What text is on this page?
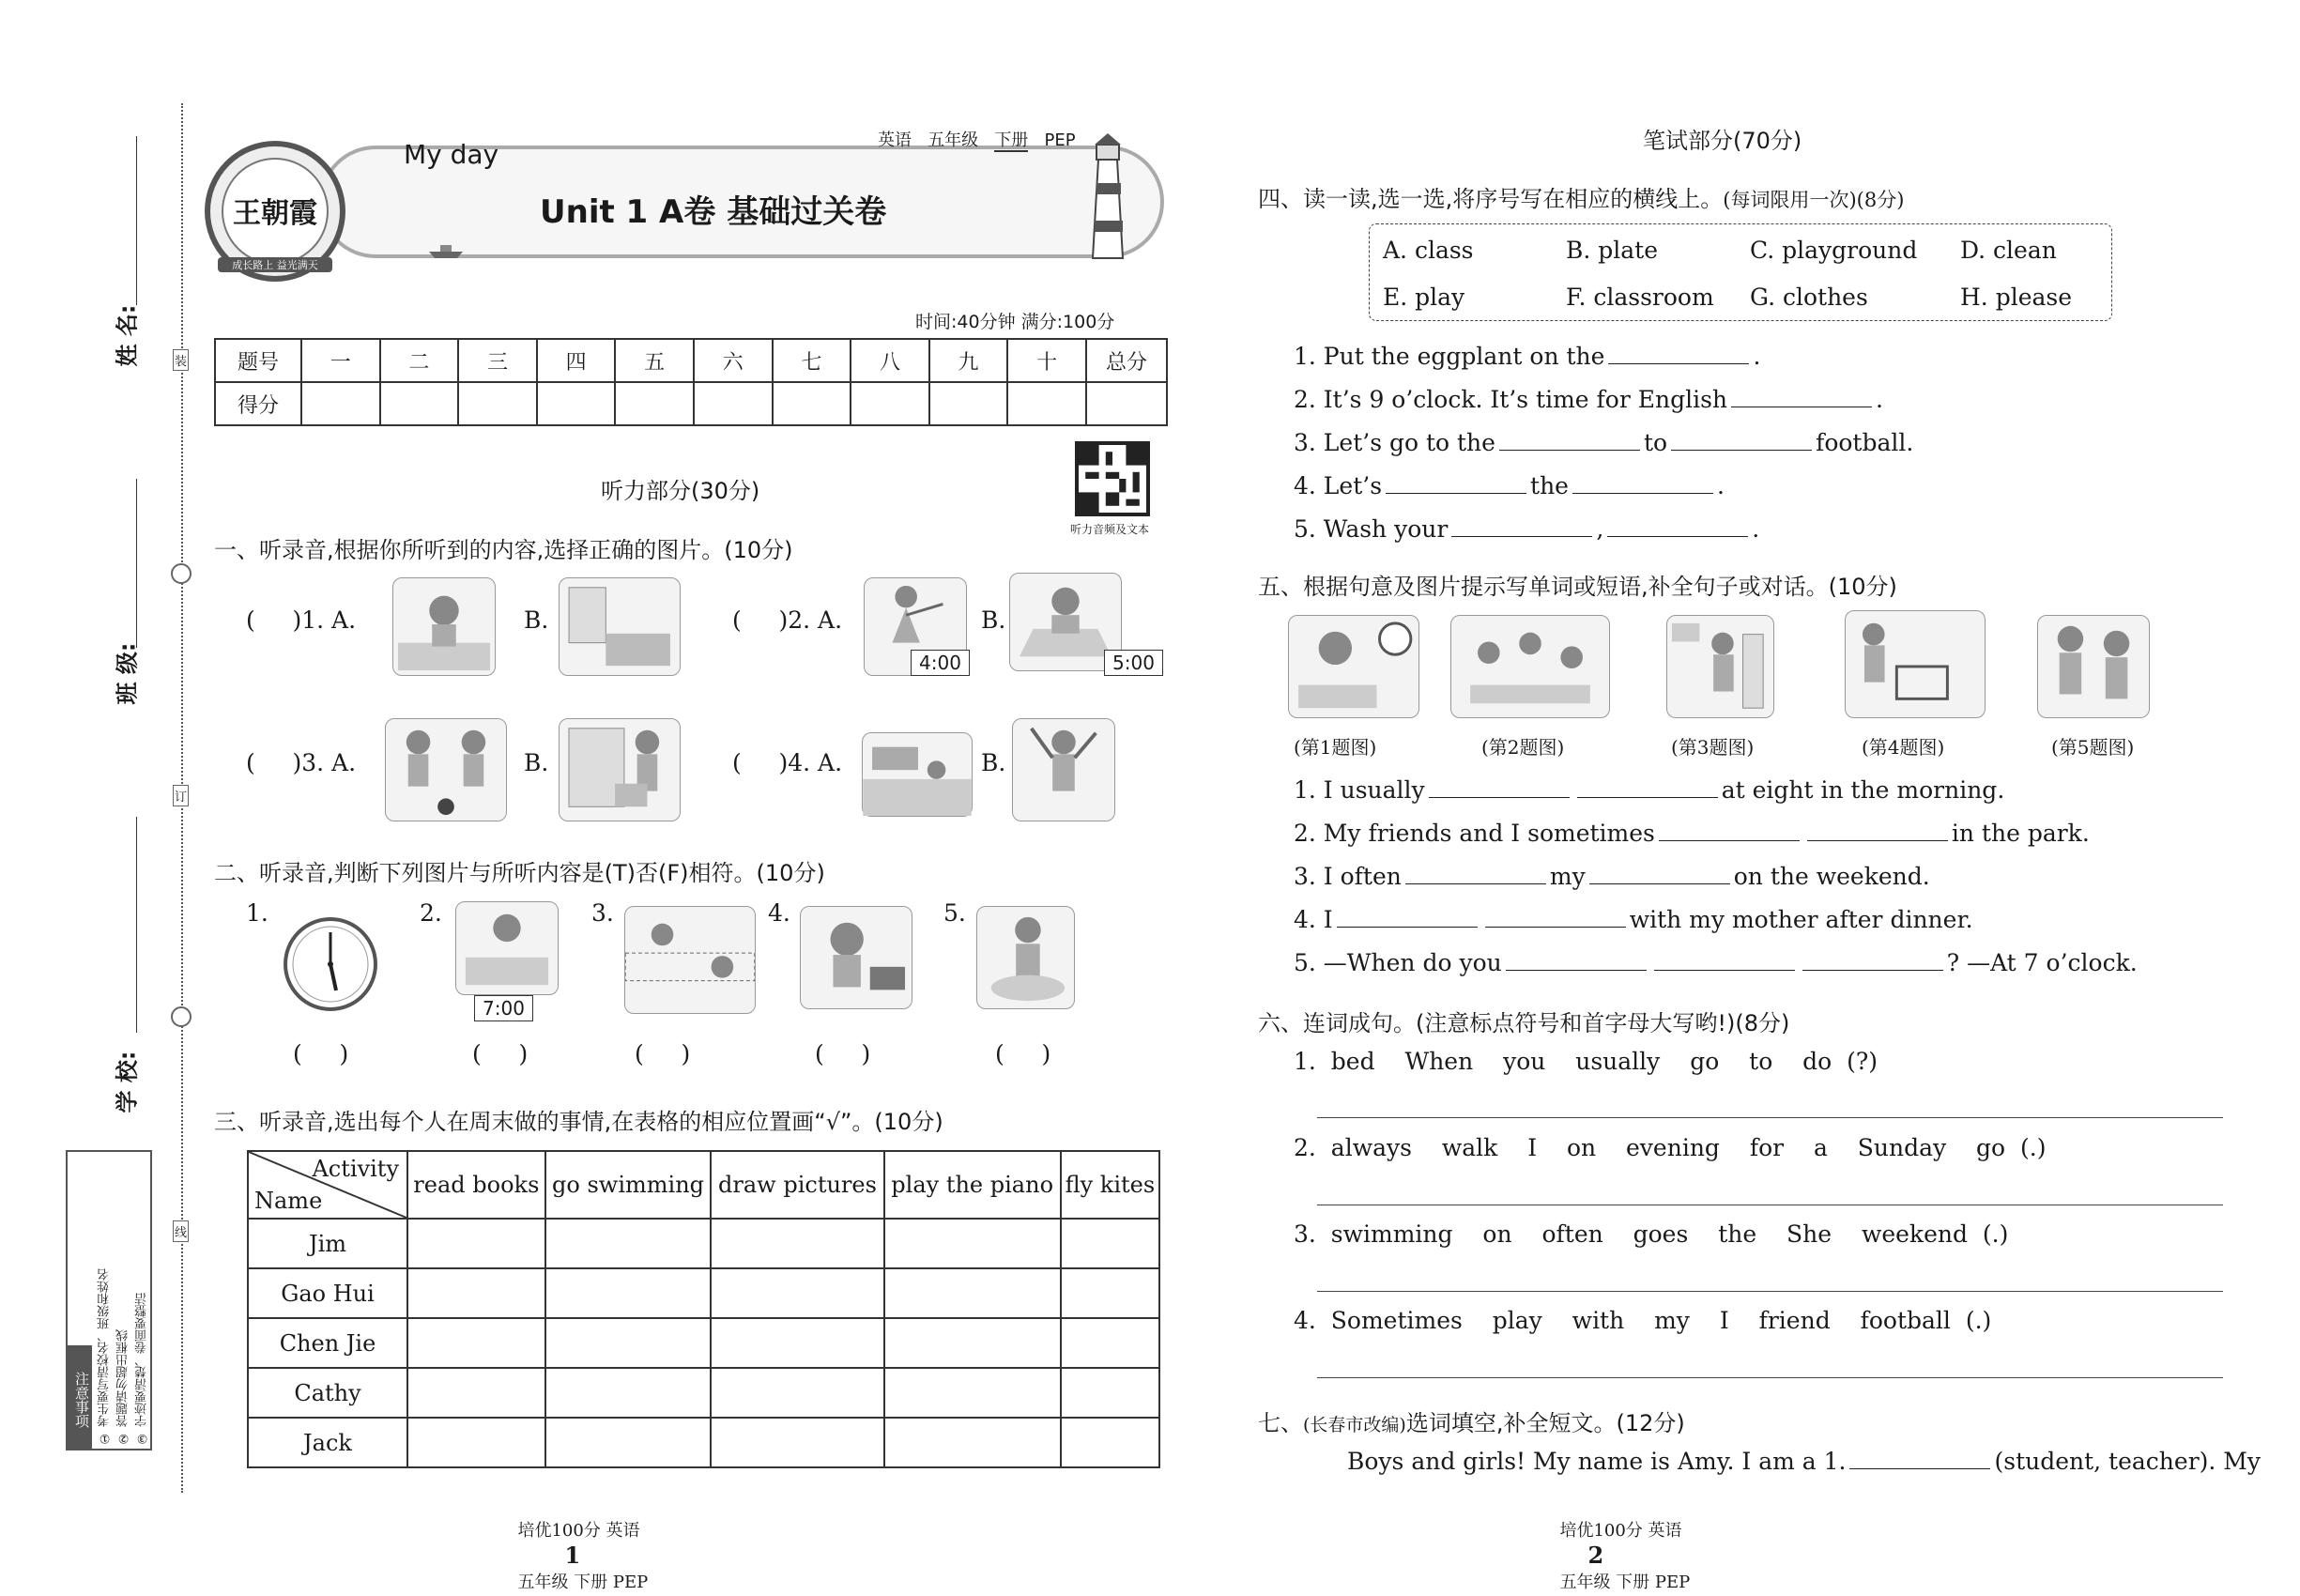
姓 名:
班 级:
学 校:
装
订
线
注意事项 ① 考生要写清校名、班级和姓名 ② 答题请勿超出框线 ③ 字迹要清楚、卷面要整洁
王朝霞
成长路上 益光满天
My day	英语 五年级 下册 PEP
Unit 1 A卷 基础过关卷
时间:40分钟 满分:100分
题号	一	二	三	四	五	六	七	八	九	十	总分
得分											
听力音频及文本
听力部分(30分)
一、听录音,根据你所听到的内容,选择正确的图片。(10分)
(     )1. A.	B.	(     )2. A.
4:00
B.
5:00
(     )3. A.	B.	(     )4. A.	B.
二、听录音,判断下列图片与所听内容是(T)否(F)相符。(10分)
1.	2.
7:00
3.	4.	5.
(     )	(     )	(     )	(     )	(     )
三、听录音,选出每个人在周末做的事情,在表格的相应位置画“√”。(10分)
Activity
Name	read books	go swimming	draw pictures	play the piano	fly kites
Jim					
Gao Hui					
Chen Jie					
Cathy					
Jack					

培优100分 英语
1
五年级 下册 PEP

笔试部分(70分)
四、读一读,选一选,将序号写在相应的横线上。(每词限用一次)(8分)
A. class	B. plate	C. playground D. clean
E. play	F. classroom G. clothes	H. please
1. Put the eggplant on the	.
2. It’s 9 o’clock. It’s time for English	.
3. Let’s go to the	to	football.
4. Let’s	the	.
5. Wash your	,	.
五、根据句意及图片提示写单词或短语,补全句子或对话。(10分)
(第1题图)	(第2题图)	(第3题图)	(第4题图)	(第5题图)
1. I usually	at eight in the morning.
2. My friends and I sometimes	in the park.
3. I often	my	on the weekend.
4. I	with my mother after dinner.
5. —When do you	? —At 7 o’clock.
六、连词成句。(注意标点符号和首字母大写哟!)(8分)
1. bed  When  you  usually  go  to  do (?)
2. always  walk  I  on  evening  for  a  Sunday  go (.)
3. swimming  on  often  goes  the  She  weekend (.)
4. Sometimes  play  with  my  I  friend  football (.)
七、(长春市改编)选词填空,补全短文。(12分)
Boys and girls! My name is Amy. I am a 1.	(student, teacher). My

培优100分 英语
2
五年级 下册 PEP
